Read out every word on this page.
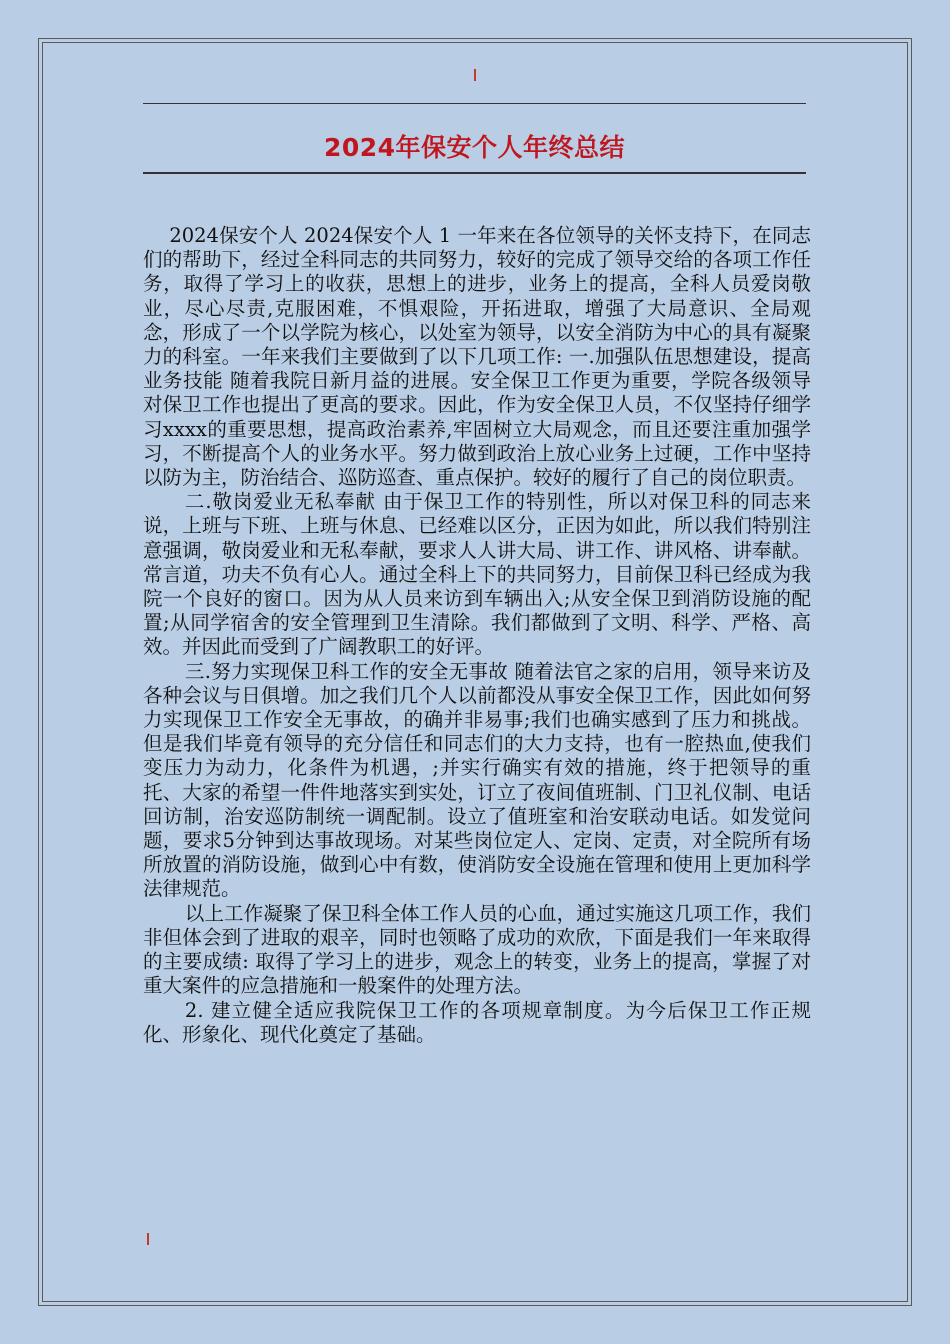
2024年保安个人年终总结

2024保安个人 2024保安个人 1 一年来在各位领导的关怀支持下，在同志们的帮助下，经过全科同志的共同努力，较好的完成了领导交给的各项工作任务，取得了学习上的收获，思想上的进步，业务上的提高，全科人员爱岗敬业，尽心尽责,克服困难，不惧艰险，开拓进取，增强了大局意识、全局观念，形成了一个以学院为核心，以处室为领导，以安全消防为中心的具有凝聚力的科室。一年来我们主要做到了以下几项工作: 一.加强队伍思想建设，提高业务技能 随着我院日新月益的进展。安全保卫工作更为重要，学院各级领导对保卫工作也提出了更高的要求。因此，作为安全保卫人员，不仅坚持仔细学习xxxx的重要思想，提高政治素养,牢固树立大局观念，而且还要注重加强学习，不断提高个人的业务水平。努力做到政治上放心业务上过硬，工作中坚持以防为主，防治结合、巡防巡查、重点保护。较好的履行了自己的岗位职责。

二.敬岗爱业无私奉献 由于保卫工作的特别性，所以对保卫科的同志来说，上班与下班、上班与休息、已经难以区分，正因为如此，所以我们特别注意强调，敬岗爱业和无私奉献，要求人人讲大局、讲工作、讲风格、讲奉献。常言道，功夫不负有心人。通过全科上下的共同努力，目前保卫科已经成为我院一个良好的窗口。因为从人员来访到车辆出入;从安全保卫到消防设施的配置;从同学宿舍的安全管理到卫生清除。我们都做到了文明、科学、严格、高效。并因此而受到了广阔教职工的好评。

三.努力实现保卫科工作的安全无事故 随着法官之家的启用，领导来访及各种会议与日俱增。加之我们几个人以前都没从事安全保卫工作，因此如何努力实现保卫工作安全无事故，的确并非易事;我们也确实感到了压力和挑战。但是我们毕竟有领导的充分信任和同志们的大力支持，也有一腔热血,使我们变压力为动力，化条件为机遇，;并实行确实有效的措施，终于把领导的重托、大家的希望一件件地落实到实处，订立了夜间值班制、门卫礼仪制、电话回访制，治安巡防制统一调配制。设立了值班室和治安联动电话。如发觉问题，要求5分钟到达事故现场。对某些岗位定人、定岗、定责，对全院所有场所放置的消防设施，做到心中有数，使消防安全设施在管理和使用上更加科学法律规范。

以上工作凝聚了保卫科全体工作人员的心血，通过实施这几项工作，我们非但体会到了进取的艰辛，同时也领略了成功的欢欣，下面是我们一年来取得的主要成绩: 取得了学习上的进步，观念上的转变，业务上的提高，掌握了对重大案件的应急措施和一般案件的处理方法。

2. 建立健全适应我院保卫工作的各项规章制度。为今后保卫工作正规化、形象化、现代化奠定了基础。
